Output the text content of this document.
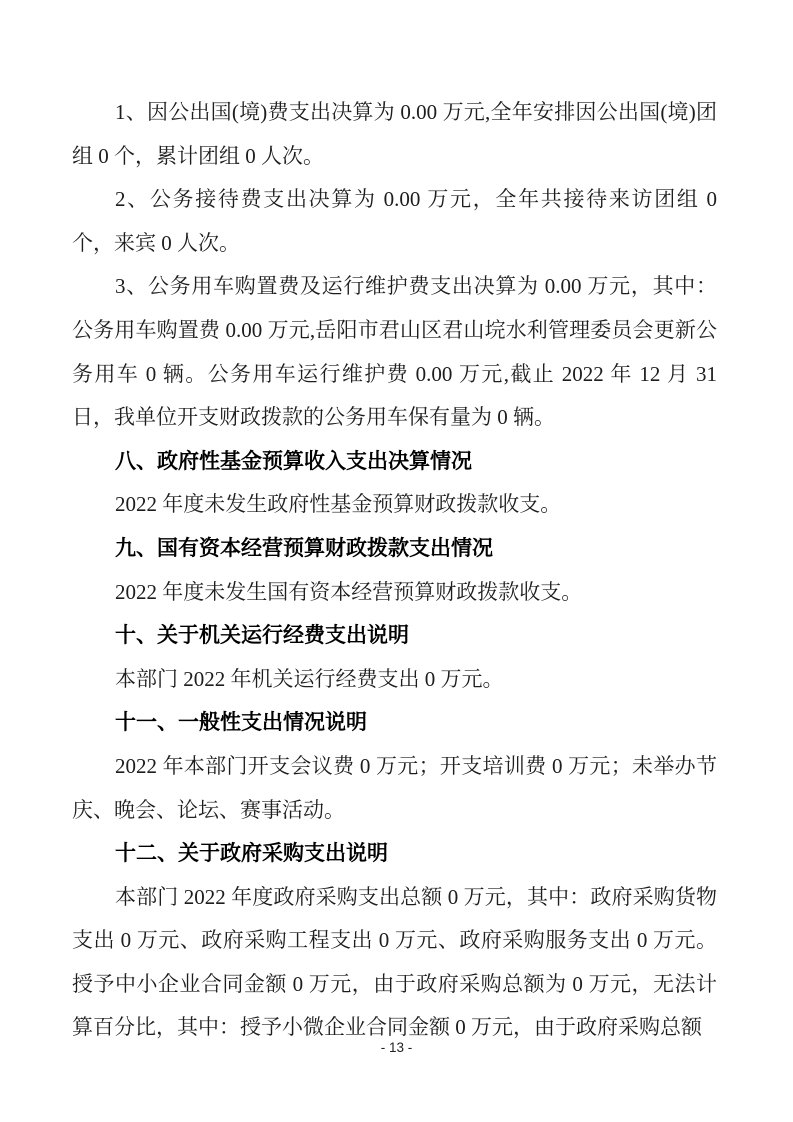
1、因公出国(境)费支出决算为 0.00 万元,全年安排因公出国(境)团组 0 个，累计团组 0 人次。

2、公务接待费支出决算为 0.00 万元，全年共接待来访团组 0 个，来宾 0 人次。

3、公务用车购置费及运行维护费支出决算为 0.00 万元，其中：公务用车购置费 0.00 万元,岳阳市君山区君山垸水利管理委员会更新公务用车 0 辆。公务用车运行维护费 0.00 万元,截止 2022 年 12 月 31 日，我单位开支财政拨款的公务用车保有量为 0 辆。

八、政府性基金预算收入支出决算情况

2022 年度未发生政府性基金预算财政拨款收支。

九、国有资本经营预算财政拨款支出情况

2022 年度未发生国有资本经营预算财政拨款收支。

十、关于机关运行经费支出说明

本部门 2022 年机关运行经费支出 0 万元。

十一、一般性支出情况说明

2022 年本部门开支会议费 0 万元；开支培训费 0 万元；未举办节庆、晚会、论坛、赛事活动。

十二、关于政府采购支出说明

本部门 2022 年度政府采购支出总额 0 万元，其中：政府采购货物支出 0 万元、政府采购工程支出 0 万元、政府采购服务支出 0 万元。授予中小企业合同金额 0 万元，由于政府采购总额为 0 万元，无法计算百分比，其中：授予小微企业合同金额 0 万元，由于政府采购总额

- 13 -
